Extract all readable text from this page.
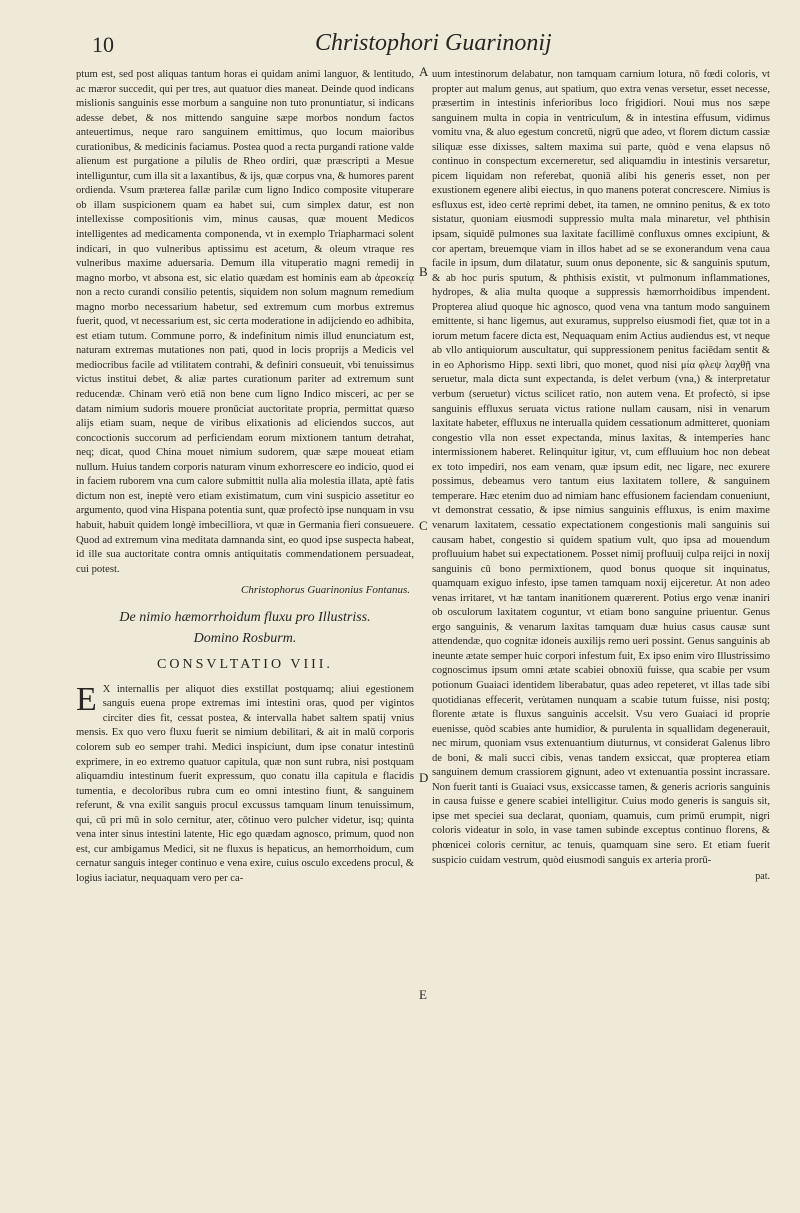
10	Christophori Guarinonij
A
B
C
D
E

ptum est, sed post aliquas tantum horas ei quidam animi languor, & lentitudo, ac mæror succedit, qui per tres, aut quatuor dies maneat. Deinde quod indicans mislionis sanguinis esse morbum a sanguine non tuto pronuntiatur, si indicans adesse debet, & nos mittendo sanguine sæpe morbos nondum factos anteuertimus, neque raro sanguinem emittimus, quo locum maioribus curationibus, & medicinis faciamus. Postea quod a recta purgandi ratione valde alienum est purgatione a pilulis de Rheo ordiri, quæ præscripti a Mesue intelliguntur, cum illa sit a laxantibus, & ijs, quæ corpus vna, & humores parent ordienda. Vsum præterea fallæ parilæ cum ligno Indico composite vituperare ob illam suspicionem quam ea habet sui, cum simplex datur, est non intellexisse compositionis vim, minus causas, quæ mouent Medicos intelligentes ad medicamenta componenda, vt in exemplo Triapharmaci solent indicari, in quo vulneribus aptissimu est acetum, & oleum vtraque res vulneribus maxime aduersaria. Demum illa vituperatio magni remedij in magno morbo, vt absona est, sic elatio quædam est hominis eam ab ἀρεσκείᾳ non a recto curandi consilio petentis, siquidem non solum magnum remedium magno morbo necessarium habetur, sed extremum cum morbus extremus fuerit, quod, vt necessarium est, sic certa moderatione in adijciendo eo adhibita, est etiam tutum. Commune porro, & indefinitum nimis illud enunciatum est, naturam extremas mutationes non pati, quod in locis proprijs a Medicis vel mediocribus facile ad vtilitatem contrahi, & definiri consueuit, vbi tenuissimus victus institui debet, & aliæ partes curationum pariter ad extremum sunt reducendæ. Chinam verò etiā non bene cum ligno Indico misceri, ac per se datam nimium sudoris mouere pronūciat auctoritate propria, permittat quæso alijs etiam suam, neque de viribus elixationis ad eliciendos succos, aut concoctionis succorum ad perficiendam eorum mixtionem tantum detrahat, neq; dicat, quod China mouet nimium sudorem, quæ sæpe moueat etiam nullum. Huius tandem corporis naturam vinum exhorrescere eo indicio, quod ei in faciem ruborem vna cum calore submittit nulla alia molestia illata, aptè fatis dictum non est, ineptè vero etiam existimatum, cum vini suspicio assetitur eo argumento, quod vina Hispana potentia sunt, quæ profectò ipse nunquam in vsu habuit, habuit quidem longè imbecilliora, vt quæ in Germania fieri consueuere. Quod ad extremum vina meditata damnanda sint, eo quod ipse suspecta habeat, id ille sua auctoritate contra omnis antiquitatis commendationem persuadeat, cui potest.

Christophorus Guarinonius Fontanus.

De nimio hæmorrhoidum fluxu pro Illustriss.

Domino Rosburm.

CONSVLTATIO VIII.

E X internallis per aliquot dies exstillat postquamq; aliui egestionem sanguis euena prope extremas imi intestini oras, quod per vigintos circiter dies fit, cessat postea, & intervalla habet saltem spatij vnius mensis. Ex quo vero fluxu fuerit se nimium debilitari, & ait in malū corporis colorem sub eo semper trahi. Medici inspiciunt, dum ipse conatur intestinū exprimere, in eo extremo quatuor capitula, quæ non sunt rubra, nisi postquam aliquamdiu intestinum fuerit expressum, quo conatu illa capitula e flacidis tumentia, e decoloribus rubra cum eo omni intestino fiunt, & sanguinem referunt, & vna exilit sanguis procul excussus tamquam linum tenuissimum, qui, cū pri mū in solo cernitur, ater, cōtinuo vero pulcher videtur, isq; quinta vena inter sinus intestini latente, Hic ego quædam agnosco, primum, quod non est, cur ambigamus Medici, sit ne fluxus is hepaticus, an hemorrhoidum, cum cernatur sanguis integer continuo e vena exire, cuius osculo excedens procul, & logius iaciatur, nequaquam vero per ca-

uum intestinorum delabatur, non tamquam carnium lotura, nō fœdi coloris, vt propter aut malum genus, aut spatium, quo extra venas versetur, esset necesse, præsertim in intestinis inferioribus loco frigidiori. Noui mus nos sæpe sanguinem multa in copia in ventriculum, & in intestina effusum, vidimus vomitu vna, & aluo egestum concretū, nigrū que adeo, vt florem dictum cassiæ siliquæ esse dixisses, saltem maxima sui parte, quòd e vena elapsus nō continuo in conspectum excerneretur, sed aliquamdiu in intestinis versaretur, picem liquidam non referebat, quoniā alibi his generis esset, non per exustionem egenere alibi eiectus, in quo manens poterat concrescere. Nimius is esfluxus est, ideo certè reprimi debet, ita tamen, ne omnino penitus, & ex toto sistatur, quoniam eiusmodi suppressio multa mala minaretur, vel phthisin ipsam, siquidē pulmones sua laxitate facillimè confluxus omnes excipiunt, & cor apertam, breuemque viam in illos habet ad se se exonerandum vena caua facile in ipsum, dum dilatatur, suum onus deponente, sic & sanguinis sputum, & ab hoc puris sputum, & phthisis existit, vt pulmonum inflammationes, hydropes, & alia multa quoque a suppressis hæmorrhoidibus impendent. Propterea aliud quoque hic agnosco, quod vena vna tantum modo sanguinem emittente, si hanc ligemus, aut exuramus, supprelso eiusmodi fiet, quæ tot in a iorum metum facere dicta est, Nequaquam enim Actius audiendus est, vt neque ab vllo antiquiorum auscultatur, qui suppressionem penitus faciēdam sentit & in eo Aphorismo Hipp. sexti libri, quo monet, quod nisi μία φλεψ λαχθῇ vna seruetur, mala dicta sunt expectanda, is delet verbum (vna,) & interpretatur verbum (seruetur) victus scilicet ratio, non autem vena. Et profectò, si ipse sanguinis effluxus seruata victus ratione nullam causam, nisi in venarum laxitate habeter, effluxus ne interualla quidem cessationum admitteret, quoniam congestio vlla non esset expectanda, minus laxitas, & intemperies hanc intermissionem haberet. Relinquitur igitur, vt, cum effluuium hoc non debeat ex toto impediri, nos eam venam, quæ ipsum edit, nec ligare, nec exurere possimus, debeamus vero tantum eius laxitatem tollere, & sanguinem temperare. Hæc etenim duo ad nimiam hanc effusionem faciendam conueniunt, vt demonstrat cessatio, & ipse nimius sanguinis effluxus, is enim maxime venarum laxitatem, cessatio expectationem congestionis mali sanguinis sui causam habet, congestio si quidem spatium vult, quo ipsa ad mouendum profluuium habet sui expectationem. Posset nimij profluuij culpa reijci in noxij sanguinis cū bono permixtionem, quod bonus quoque sit inquinatus, quamquam exiguo infesto, ipse tamen tamquam noxij eijceretur. At non adeo venas irritaret, vt hæ tantam inanitionem quærerent. Potius ergo venæ inaniri ob osculorum laxitatem coguntur, vt etiam bono sanguine priuentur. Genus ergo sanguinis, & venarum laxitas tamquam duæ huius casus causæ sunt attendendæ, quo cognitæ idoneis auxilijs remo ueri possint. Genus sanguinis ab ineunte ætate semper huic corpori infestum fuit, Ex ipso enim viro Illustrissimo cognoscimus ipsum omni ætate scabiei obnoxiū fuisse, qua scabie per vsum potionum Guaiaci identidem liberabatur, quas adeo repeteret, vt illas tade sibi quotidianas effecerit, verùtamen nunquam a scabie tutum fuisse, nisi postq; florente ætate is fluxus sanguinis accelsit. Vsu vero Guaiaci id proprie euenisse, quòd scabies ante humidior, & purulenta in squallidam degenerauit, nec mirum, quoniam vsus extenuantium diuturnus, vt considerat Galenus libro de boni, & mali succi cibis, venas tandem exsiccat, quæ propterea etiam sanguinem demum crassiorem gignunt, adeo vt extenuantia possint incrassare. Non fuerit tanti is Guaiaci vsus, exsiccasse tamen, & generis acrioris sanguinis in causa fuisse e genere scabiei intelligitur. Cuius modo generis is sanguis sit, ipse met speciei sua declarat, quoniam, quamuis, cum primū erumpit, nigri coloris videatur in solo, in vase tamen subinde exceptus continuo florens, & phœnicei coloris cernitur, ac tenuis, quamquam sine sero. Et etiam fuerit suspicio cuidam vestrum, quòd eiusmodi sanguis ex arteria prorū-

pat.
